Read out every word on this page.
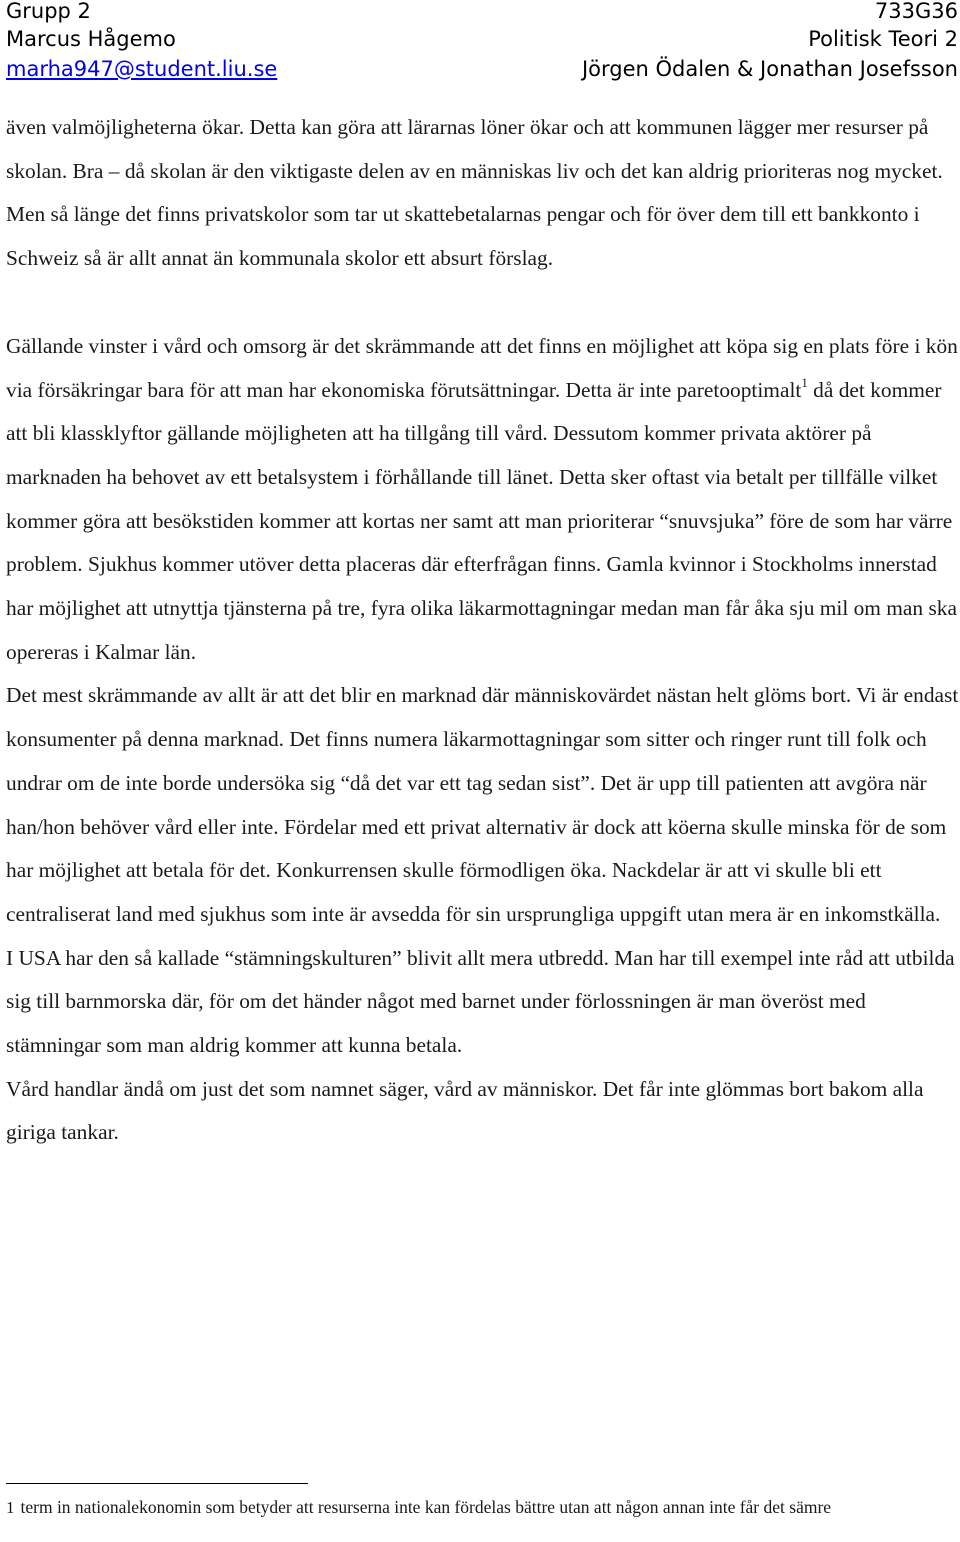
Grupp 2	733G36
Marcus Hågemo	Politisk Teori 2
marha947@student.liu.se	Jörgen Ödalen & Jonathan Josefsson

även valmöjligheterna ökar. Detta kan göra att lärarnas löner ökar och att kommunen lägger mer resurser på skolan. Bra – då skolan är den viktigaste delen av en människas liv och det kan aldrig prioriteras nog mycket. Men så länge det finns privatskolor som tar ut skattebetalarnas pengar och för över dem till ett bankkonto i Schweiz så är allt annat än kommunala skolor ett absurt förslag.

Gällande vinster i vård och omsorg är det skrämmande att det finns en möjlighet att köpa sig en plats före i kön via försäkringar bara för att man har ekonomiska förutsättningar. Detta är inte paretooptimalt$^1$ då det kommer att bli klassklyftor gällande möjligheten att ha tillgång till vård. Dessutom kommer privata aktörer på marknaden ha behovet av ett betalsystem i förhållande till länet. Detta sker oftast via betalt per tillfälle vilket kommer göra att besökstiden kommer att kortas ner samt att man prioriterar “snuvsjuka” före de som har värre problem. Sjukhus kommer utöver detta placeras där efterfrågan finns. Gamla kvinnor i Stockholms innerstad har möjlighet att utnyttja tjänsterna på tre, fyra olika läkarmottagningar medan man får åka sju mil om man ska opereras i Kalmar län.

Det mest skrämmande av allt är att det blir en marknad där människovärdet nästan helt glöms bort. Vi är endast konsumenter på denna marknad. Det finns numera läkarmottagningar som sitter och ringer runt till folk och undrar om de inte borde undersöka sig “då det var ett tag sedan sist”. Det är upp till patienten att avgöra när han/hon behöver vård eller inte. Fördelar med ett privat alternativ är dock att köerna skulle minska för de som har möjlighet att betala för det. Konkurrensen skulle förmodligen öka. Nackdelar är att vi skulle bli ett centraliserat land med sjukhus som inte är avsedda för sin ursprungliga uppgift utan mera är en inkomstkälla.

I USA har den så kallade “stämningskulturen” blivit allt mera utbredd. Man har till exempel inte råd att utbilda sig till barnmorska där, för om det händer något med barnet under förlossningen är man överöst med stämningar som man aldrig kommer att kunna betala.

Vård handlar ändå om just det som namnet säger, vård av människor. Det får inte glömmas bort bakom alla giriga tankar.

1 term in nationalekonomin som betyder att resurserna inte kan fördelas bättre utan att någon annan inte får det sämre
